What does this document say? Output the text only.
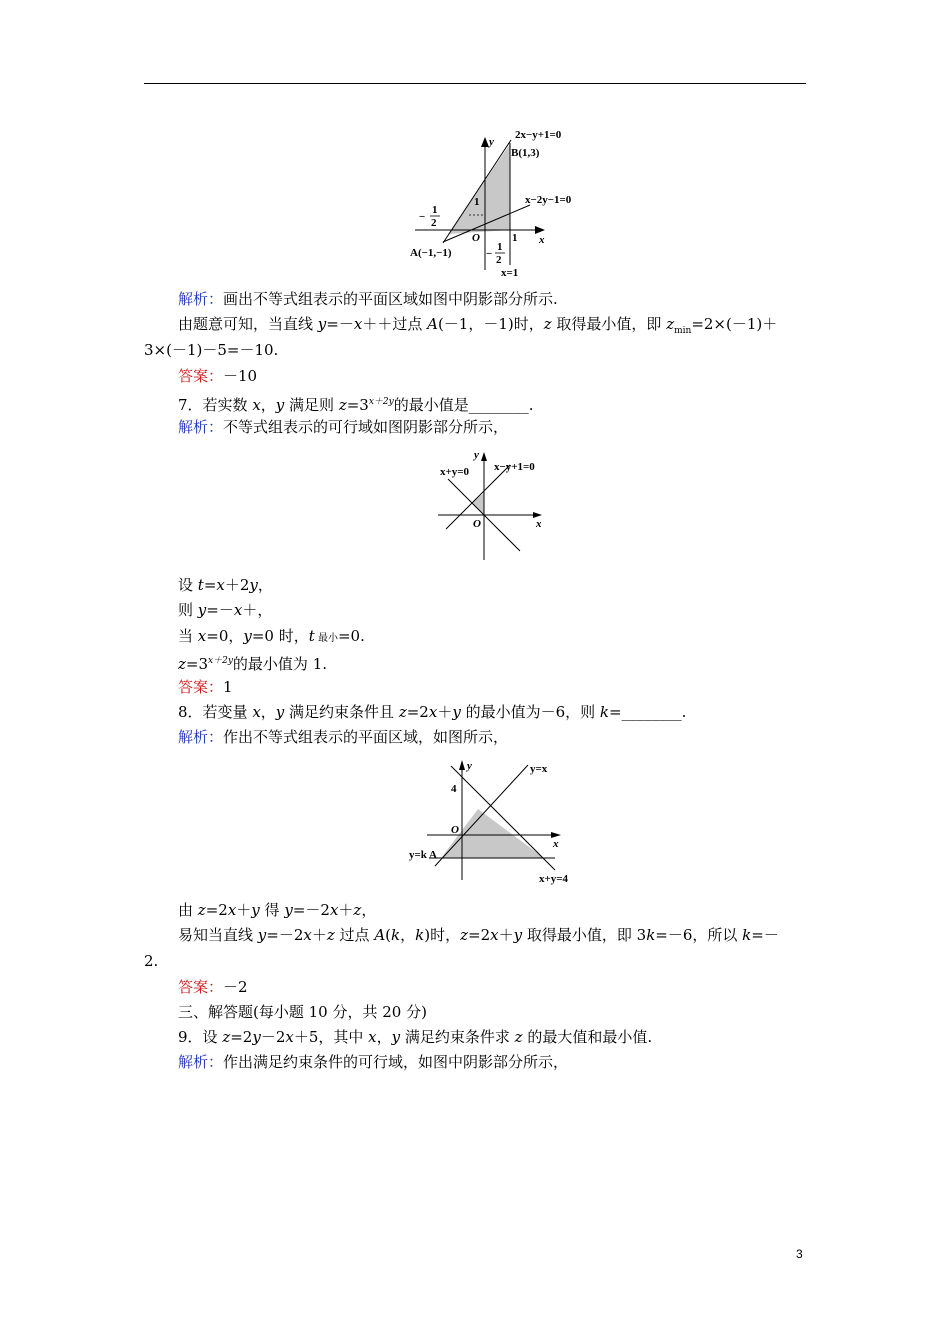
y
2x−y+1=0
B(1,3)
x−2y−1=0
1
−
1
2
O	1 x
A(−1,−1)	−
1
2
x=1
解析：画出不等式组表示的平面区域如图中阴影部分所示.
由题意可知，当直线 y=－x＋＋过点 A(－1，－1)时，z 取得最小值，即 $z_{min}=2\times(-1)+$
3×(－1)－5=－10.
答案：－10
7．若实数 x，y 满足则 $z=3^{x+2y}$的最小值是________.
解析：不等式组表示的可行域如图阴影部分所示，
y
x−y+1=0
x+y=0
O	x
设 t=x＋2y，
则 y=－x＋，
当 x=0，y=0 时，t 最小=0.
$z=3^{x+2y}$的最小值为 1.
答案：1
8．若变量 x，y 满足约束条件且 z=2x＋y 的最小值为－6，则 k=________.
解析：作出不等式组表示的平面区域，如图所示，
y	y=x
4
O
x
y=k A
x+y=4
由 z=2x＋y 得 y=－2x＋z，
易知当直线 y=－2x＋z 过点 A(k，k)时，z=2x＋y 取得最小值，即 3k=－6，所以 k=－
2.
答案：－2
三、解答题(每小题 10 分，共 20 分)
9．设 z=2y－2x＋5，其中 x，y 满足约束条件求 z 的最大值和最小值.
解析：作出满足约束条件的可行域，如图中阴影部分所示，
3
